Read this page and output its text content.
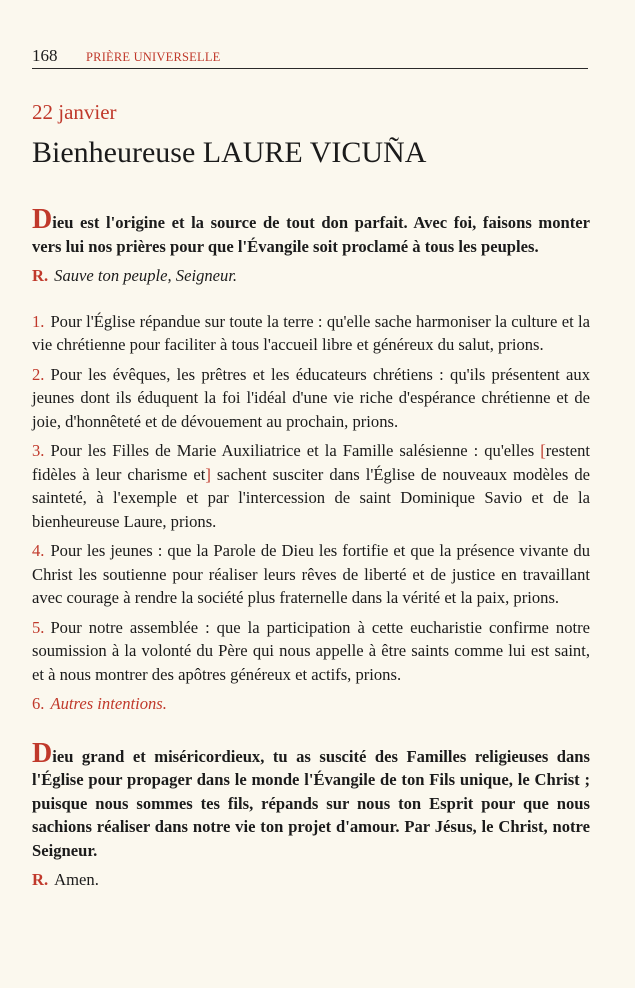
168 PRIÈRE UNIVERSELLE
22 janvier
Bienheureuse LAURE VICUÑA

Dieu est l'origine et la source de tout don parfait. Avec foi, faisons monter vers lui nos prières pour que l'Évangile soit proclamé à tous les peuples.

R. Sauve ton peuple, Seigneur.

1. Pour l'Église répandue sur toute la terre : qu'elle sache harmoniser la culture et la vie chrétienne pour faciliter à tous l'accueil libre et généreux du salut, prions.

2. Pour les évêques, les prêtres et les éducateurs chrétiens : qu'ils présentent aux jeunes dont ils éduquent la foi l'idéal d'une vie riche d'espérance chrétienne et de joie, d'honnêteté et de dévouement au prochain, prions.

3. Pour les Filles de Marie Auxiliatrice et la Famille salésienne : qu'elles [restent fidèles à leur charisme et] sachent susciter dans l'Église de nouveaux modèles de sainteté, à l'exemple et par l'intercession de saint Dominique Savio et de la bienheureuse Laure, prions.

4. Pour les jeunes : que la Parole de Dieu les fortifie et que la présence vivante du Christ les soutienne pour réaliser leurs rêves de liberté et de justice en travaillant avec courage à rendre la société plus fraternelle dans la vérité et la paix, prions.

5. Pour notre assemblée : que la participation à cette eucharistie confirme notre soumission à la volonté du Père qui nous appelle à être saints comme lui est saint, et à nous montrer des apôtres généreux et actifs, prions.

6. Autres intentions.

Dieu grand et miséricordieux, tu as suscité des Familles religieuses dans l'Église pour propager dans le monde l'Évangile de ton Fils unique, le Christ ; puisque nous sommes tes fils, répands sur nous ton Esprit pour que nous sachions réaliser dans notre vie ton projet d'amour. Par Jésus, le Christ, notre Seigneur.

R. Amen.
